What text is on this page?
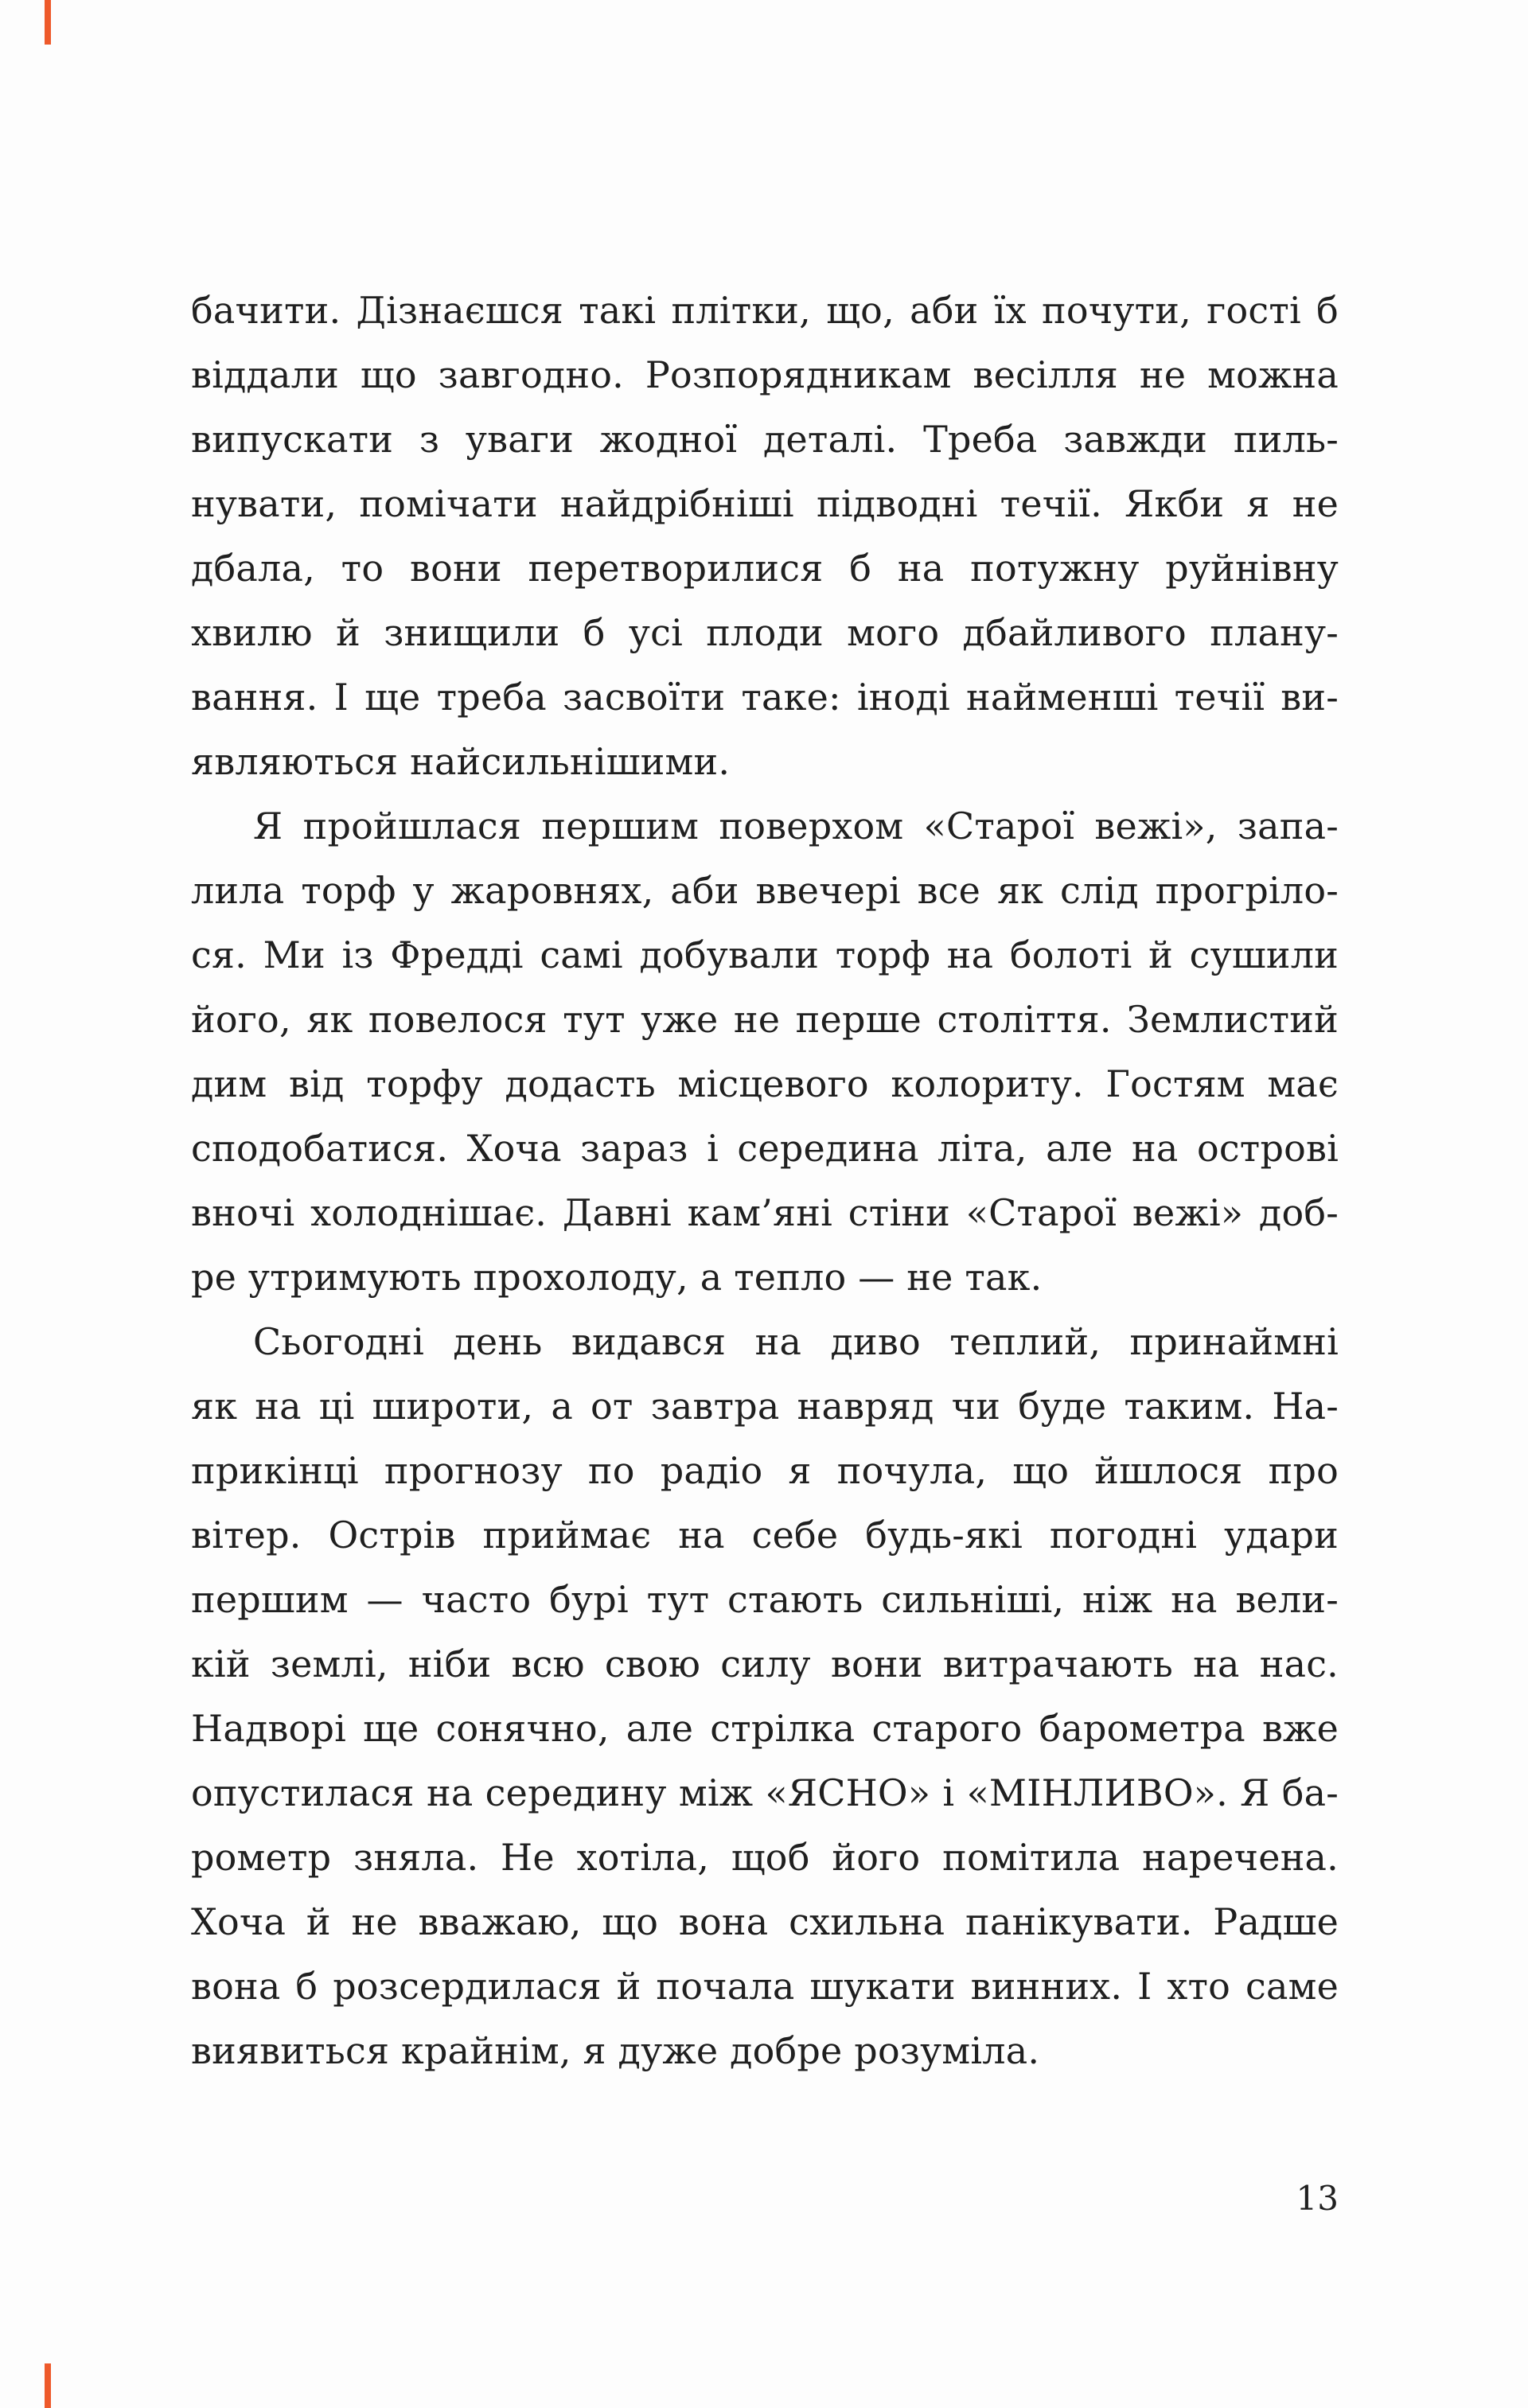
бачити. Дізнаєшся такі плітки, що, аби їх почути, гості б
віддали що завгодно. Розпорядникам весілля не можна
випускати з уваги жодної деталі. Треба завжди пиль-
нувати, помічати найдрібніші підводні течії. Якби я не
дбала, то вони перетворилися б на потужну руйнівну
хвилю й знищили б усі плоди мого дбайливого плану-
вання. І ще треба засвоїти таке: іноді найменші течії ви-
являються найсильнішими.
Я пройшлася першим поверхом «Старої вежі», запа-
лила торф у жаровнях, аби ввечері все як слід прогріло-
ся. Ми із Фредді самі добували торф на болоті й сушили
його, як повелося тут уже не перше століття. Землистий
дим від торфу додасть місцевого колориту. Гостям має
сподобатися. Хоча зараз і середина літа, але на острові
вночі холоднішає. Давні кам’яні стіни «Старої вежі» доб-
ре утримують прохолоду, а тепло — не так.
Сьогодні день видався на диво теплий, принаймні
як на ці широти, а от завтра навряд чи буде таким. На-
прикінці прогнозу по радіо я почула, що йшлося про
вітер. Острів приймає на себе будь-які погодні удари
першим — часто бурі тут стають сильніші, ніж на вели-
кій землі, ніби всю свою силу вони витрачають на нас.
Надворі ще сонячно, але стрілка старого барометра вже
опустилася на середину між «ЯСНО» і «МІНЛИВО». Я ба-
рометр зняла. Не хотіла, щоб його помітила наречена.
Хоча й не вважаю, що вона схильна панікувати. Радше
вона б розсердилася й почала шукати винних. І хто саме
виявиться крайнім, я дуже добре розуміла.
13
